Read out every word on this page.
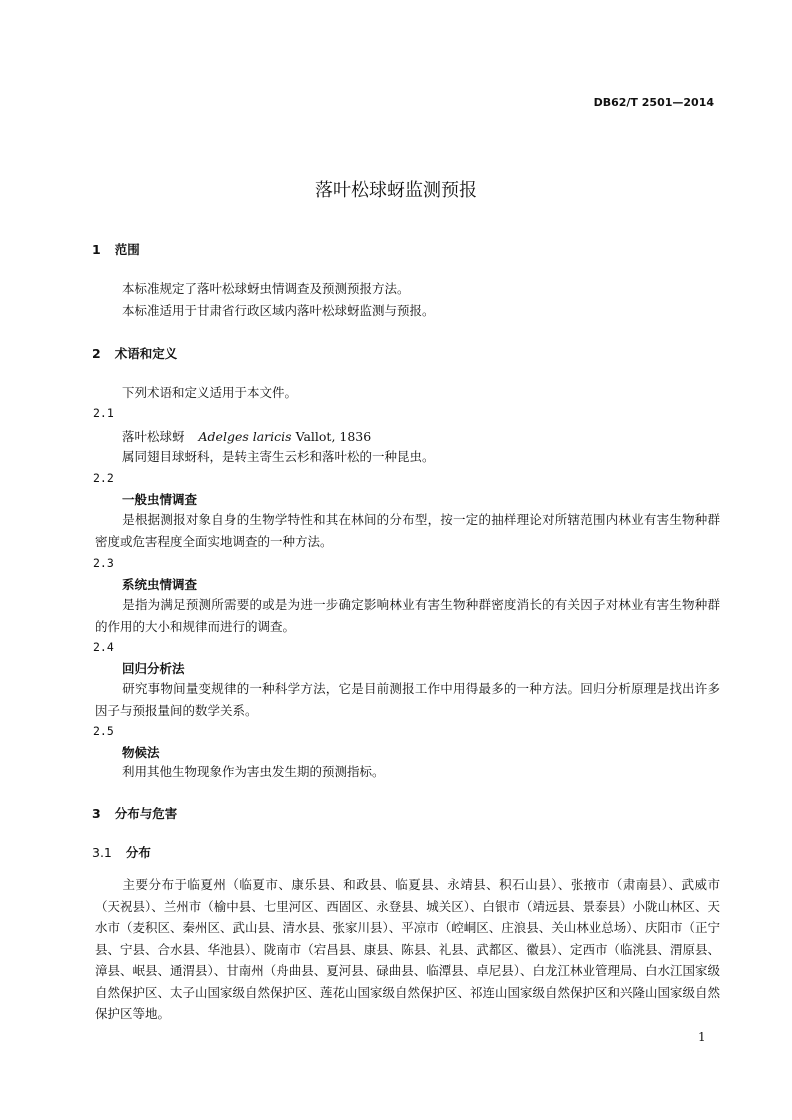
DB62/T 2501—2014
落叶松球蚜监测预报
1 范围
本标准规定了落叶松球蚜虫情调查及预测预报方法。
本标准适用于甘肃省行政区域内落叶松球蚜监测与预报。
2 术语和定义
下列术语和定义适用于本文件。
2.1
落叶松球蚜 Adelges laricis Vallot, 1836
属同翅目球蚜科，是转主寄生云杉和落叶松的一种昆虫。
2.2
一般虫情调查
是根据测报对象自身的生物学特性和其在林间的分布型，按一定的抽样理论对所辖范围内林业有害生物种群密度或危害程度全面实地调查的一种方法。
2.3
系统虫情调查
是指为满足预测所需要的或是为进一步确定影响林业有害生物种群密度消长的有关因子对林业有害生物种群的作用的大小和规律而进行的调查。
2.4
回归分析法
研究事物间量变规律的一种科学方法，它是目前测报工作中用得最多的一种方法。回归分析原理是找出许多因子与预报量间的数学关系。
2.5
物候法
利用其他生物现象作为害虫发生期的预测指标。
3 分布与危害
3.1 分布
主要分布于临夏州（临夏市、康乐县、和政县、临夏县、永靖县、积石山县）、张掖市（肃南县）、武威市（天祝县）、兰州市（榆中县、七里河区、西固区、永登县、城关区）、白银市（靖远县、景泰县）小陇山林区、天水市（麦积区、秦州区、武山县、清水县、张家川县）、平凉市（崆峒区、庄浪县、关山林业总场）、庆阳市（正宁县、宁县、合水县、华池县）、陇南市（宕昌县、康县、陈县、礼县、武都区、徽县）、定西市（临洮县、渭原县、漳县、岷县、通渭县）、甘南州（舟曲县、夏河县、碌曲县、临潭县、卓尼县）、白龙江林业管理局、白水江国家级自然保护区、太子山国家级自然保护区、莲花山国家级自然保护区、祁连山国家级自然保护区和兴隆山国家级自然保护区等地。
1
